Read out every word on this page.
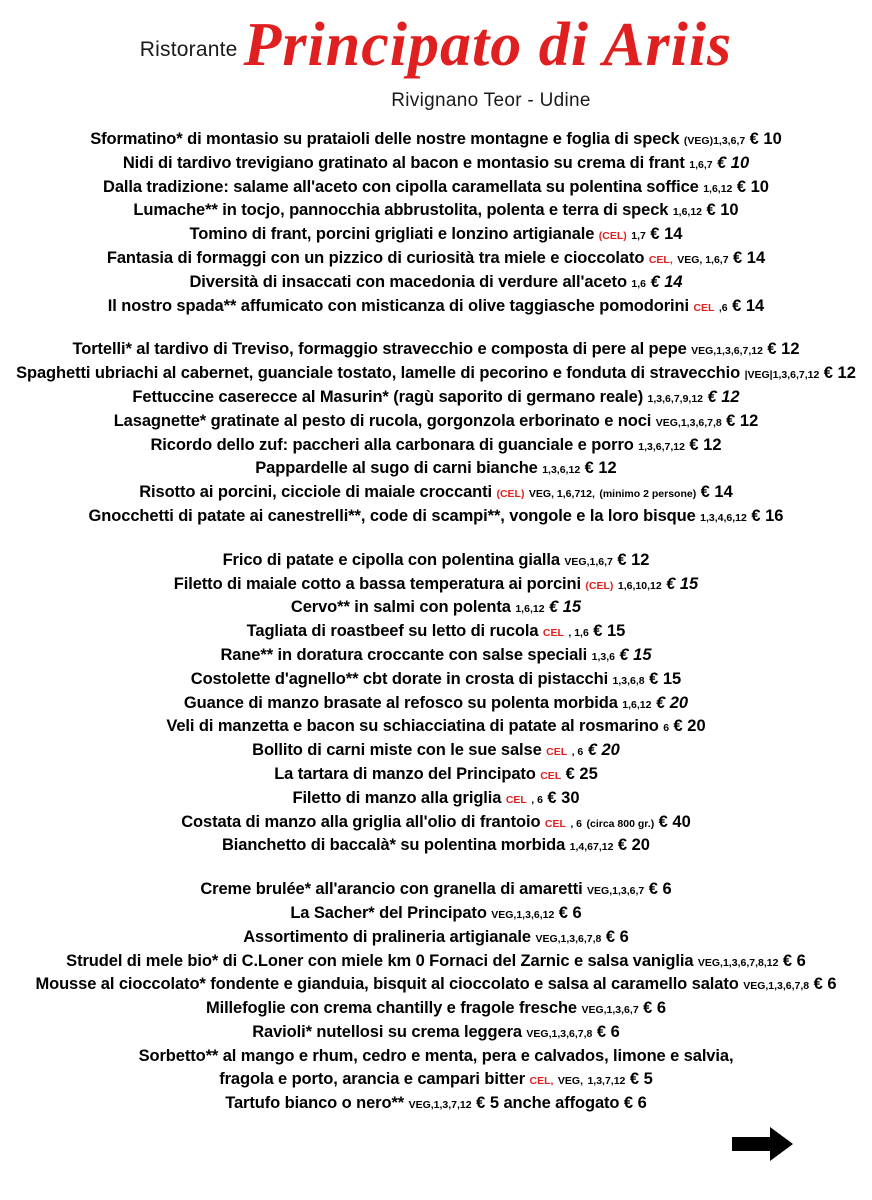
Ristorante Principato di Ariis
Rivignano Teor - Udine
Sformatino* di montasio su prataioli delle nostre montagne e foglia di speck (VEG)1,3,6,7 € 10
Nidi di tardivo trevigiano gratinato al bacon e montasio su crema di frant 1,6,7 € 10
Dalla tradizione: salame all'aceto con cipolla caramellata su polentina soffice 1,6,12 € 10
Lumache** in tocjo, pannocchia abbrustolita, polenta e terra di speck 1,6,12 € 10
Tomino di frant, porcini grigliati e lonzino artigianale (CEL) 1,7 € 14
Fantasia di formaggi con un pizzico di curiosità tra miele e cioccolato CEL, VEG, 1,6,7 € 14
Diversità di insaccati con macedonia di verdure all'aceto 1,6 € 14
Il nostro spada** affumicato con misticanza di olive taggiasche pomodorini CEL ,6 € 14
Tortelli* al tardivo di Treviso, formaggio stravecchio e composta di pere al pepe VEG,1,3,6,7,12 € 12
Spaghetti ubriachi al cabernet, guanciale tostato, lamelle di pecorino e fonduta di stravecchio |VEG|1,3,6,7,12 € 12
Fettuccine caserecce al Masurin* (ragù saporito di germano reale) 1,3,6,7,9,12 € 12
Lasagnette* gratinate al pesto di rucola, gorgonzola erborinato e noci VEG,1,3,6,7,8 € 12
Ricordo dello zuf: paccheri alla carbonara di guanciale e porro 1,3,6,7,12 € 12
Pappardelle al sugo di carni bianche 1,3,6,12 € 12
Risotto ai porcini, cicciole di maiale croccanti (CEL) VEG, 1,6,712, (minimo 2 persone) € 14
Gnocchetti di patate ai canestrelli**, code di scampi**, vongole e la loro bisque 1,3,4,6,12 € 16
Frico di patate e cipolla con polentina gialla VEG,1,6,7 € 12
Filetto di maiale cotto a bassa temperatura ai porcini (CEL) 1,6,10,12 € 15
Cervo** in salmi con polenta 1,6,12 € 15
Tagliata di roastbeef su letto di rucola CEL , 1,6 € 15
Rane** in doratura croccante con salse speciali 1,3,6 € 15
Costolette d'agnello** cbt dorate in crosta di pistacchi 1,3,6,8 € 15
Guance di manzo brasate al refosco su polenta morbida 1,6,12 € 20
Veli di manzetta e bacon su schiacciatina di patate al rosmarino 6 € 20
Bollito di carni miste con le sue salse CEL , 6 € 20
La tartara di manzo del Principato CEL € 25
Filetto di manzo alla griglia CEL , 6 € 30
Costata di manzo alla griglia all'olio di frantoio CEL , 6 (circa 800 gr.) € 40
Bianchetto di baccalà* su polentina morbida 1,4,67,12 € 20
Creme brulée* all'arancio con granella di amaretti VEG,1,3,6,7 € 6
La Sacher* del Principato VEG,1,3,6,12 € 6
Assortimento di pralineria artigianale VEG,1,3,6,7,8 € 6
Strudel di mele bio* di C.Loner con miele km 0 Fornaci del Zarnic e salsa vaniglia VEG,1,3,6,7,8,12 € 6
Mousse al cioccolato* fondente e gianduia, bisquit al cioccolato e salsa al caramello salato VEG,1,3,6,7,8 € 6
Millefoglie con crema chantilly e fragole fresche VEG,1,3,6,7 € 6
Ravioli* nutellosi su crema leggera VEG,1,3,6,7,8 € 6
Sorbetto** al mango e rhum, cedro e menta, pera e calvados, limone e salvia,
fragola e porto, arancia e campari bitter CEL, VEG, 1,3,7,12 € 5
Tartufo bianco o nero** VEG,1,3,7,12 € 5 anche affogato € 6
